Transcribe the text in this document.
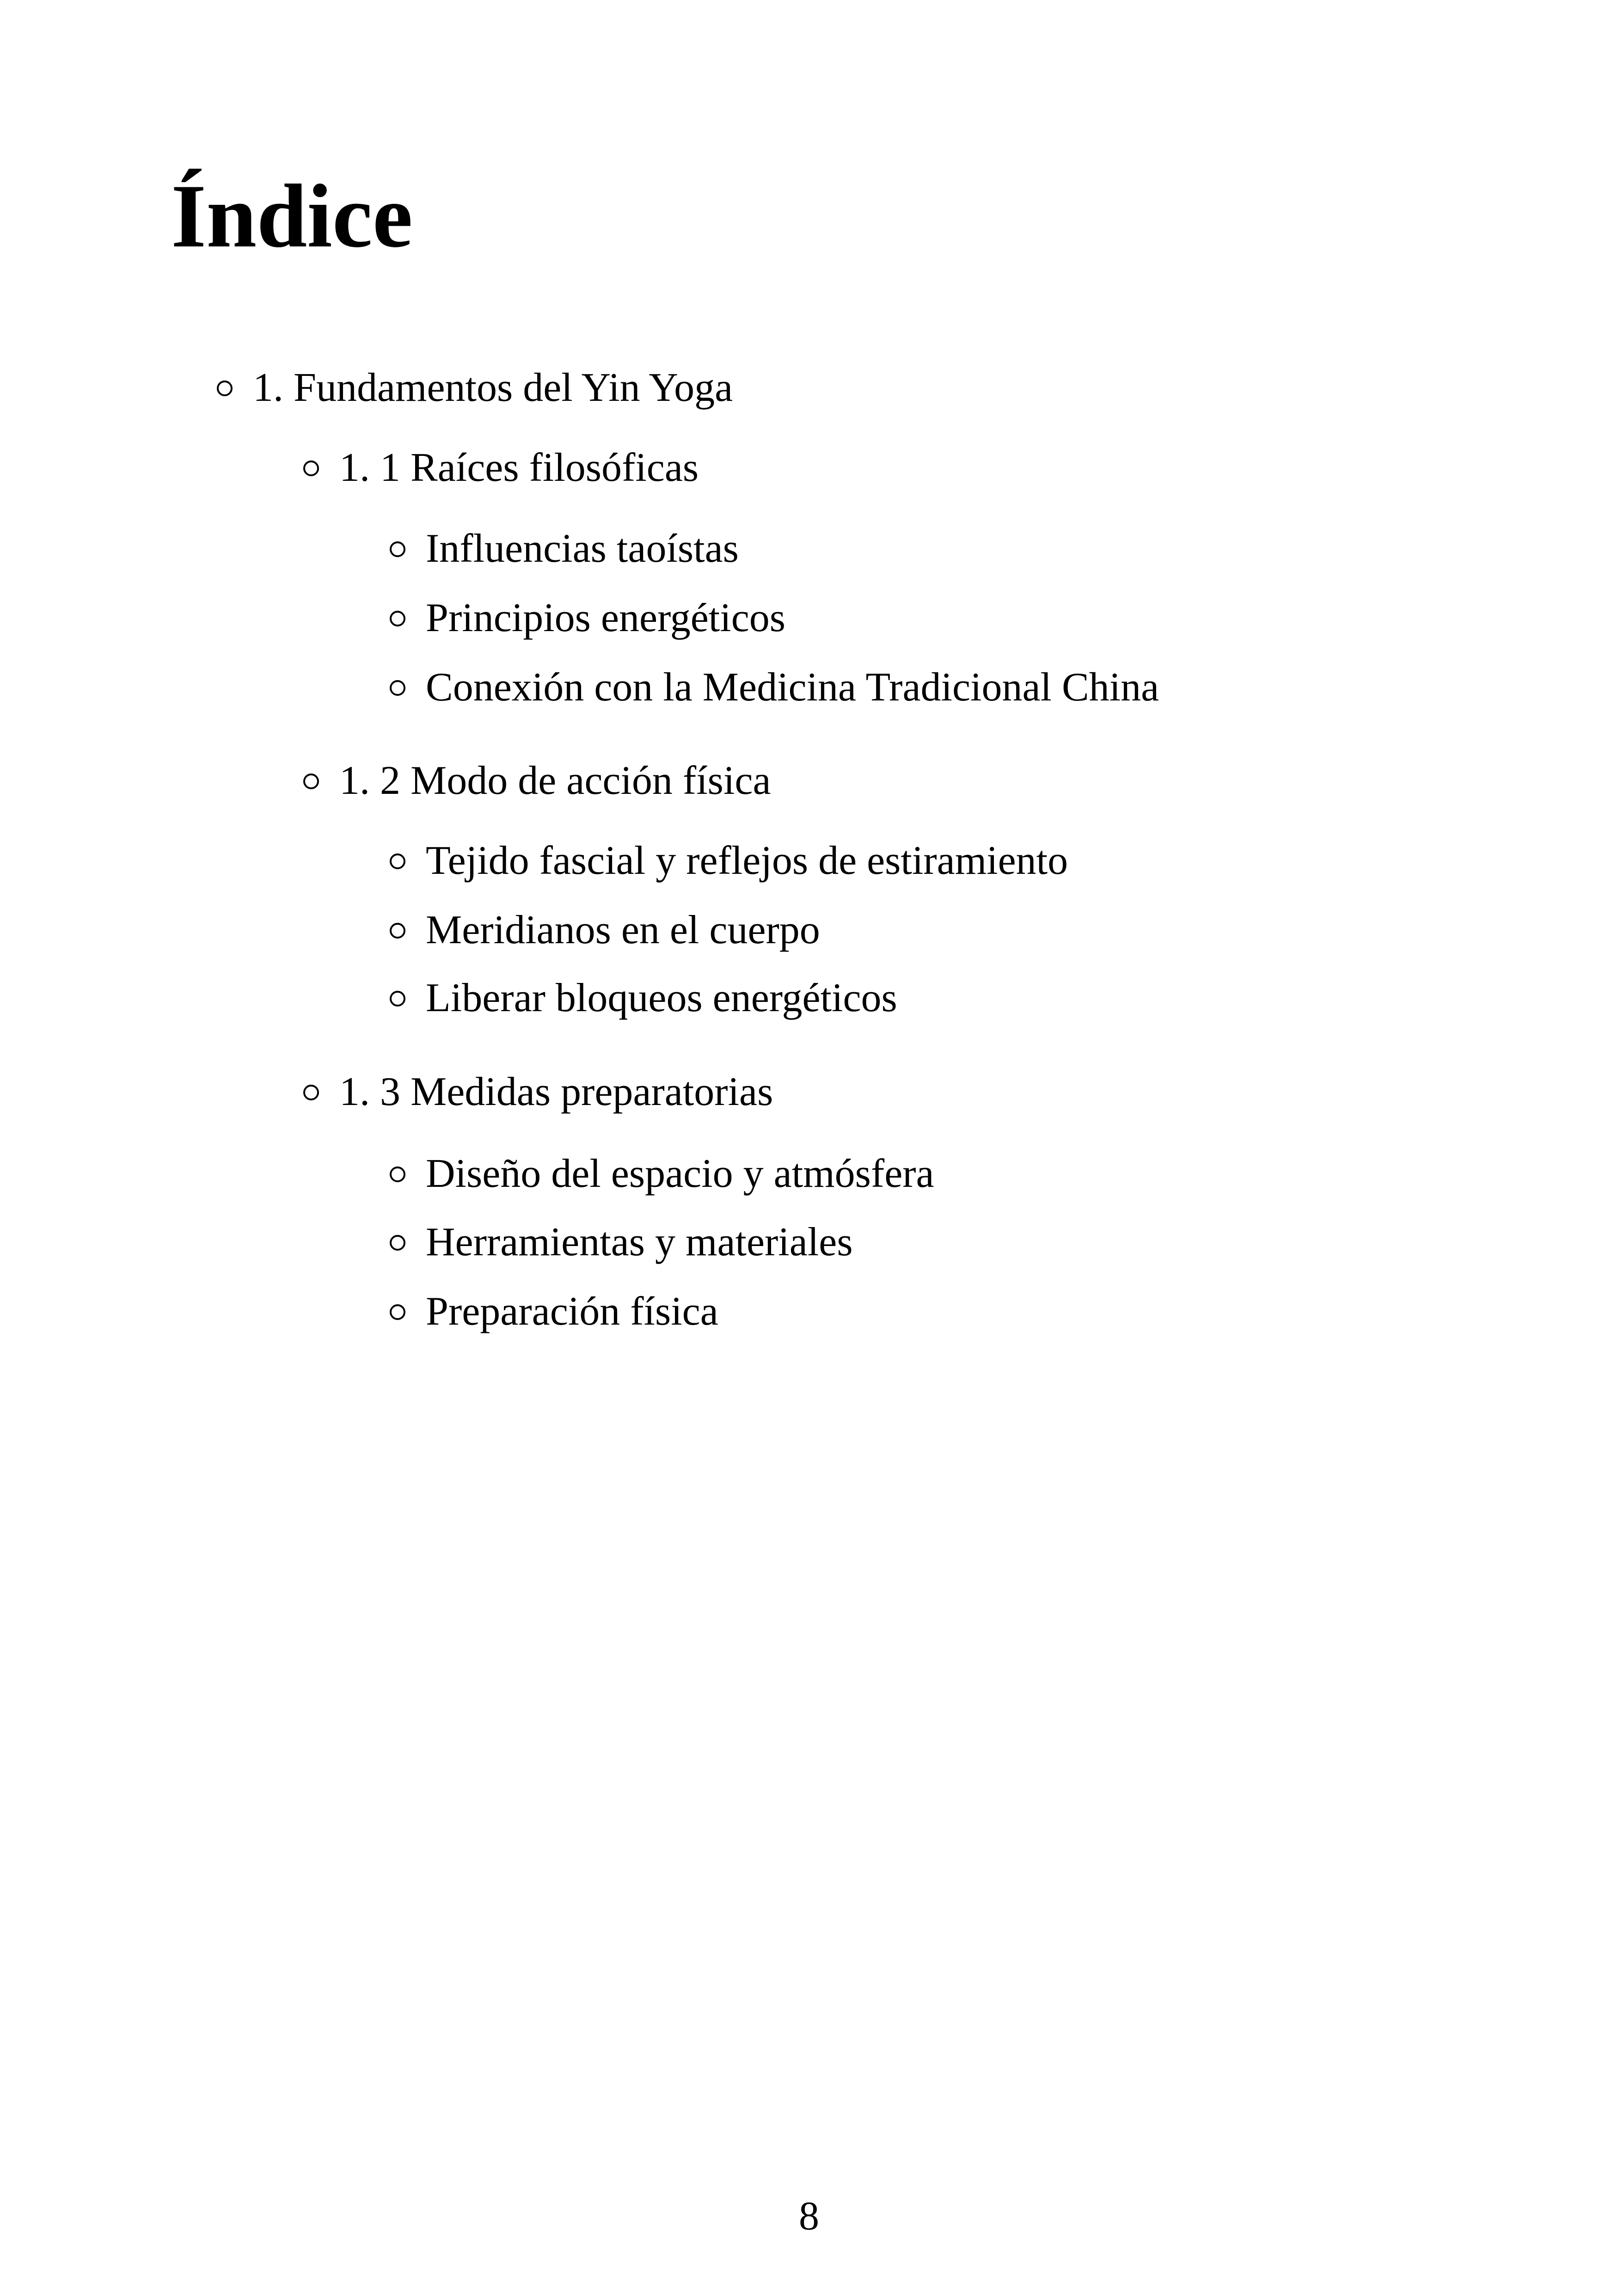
Índice
1. Fundamentos del Yin Yoga
1. 1 Raíces filosóficas
Influencias taoístas
Principios energéticos
Conexión con la Medicina Tradicional China
1. 2 Modo de acción física
Tejido fascial y reflejos de estiramiento
Meridianos en el cuerpo
Liberar bloqueos energéticos
1. 3 Medidas preparatorias
Diseño del espacio y atmósfera
Herramientas y materiales
Preparación física
8
